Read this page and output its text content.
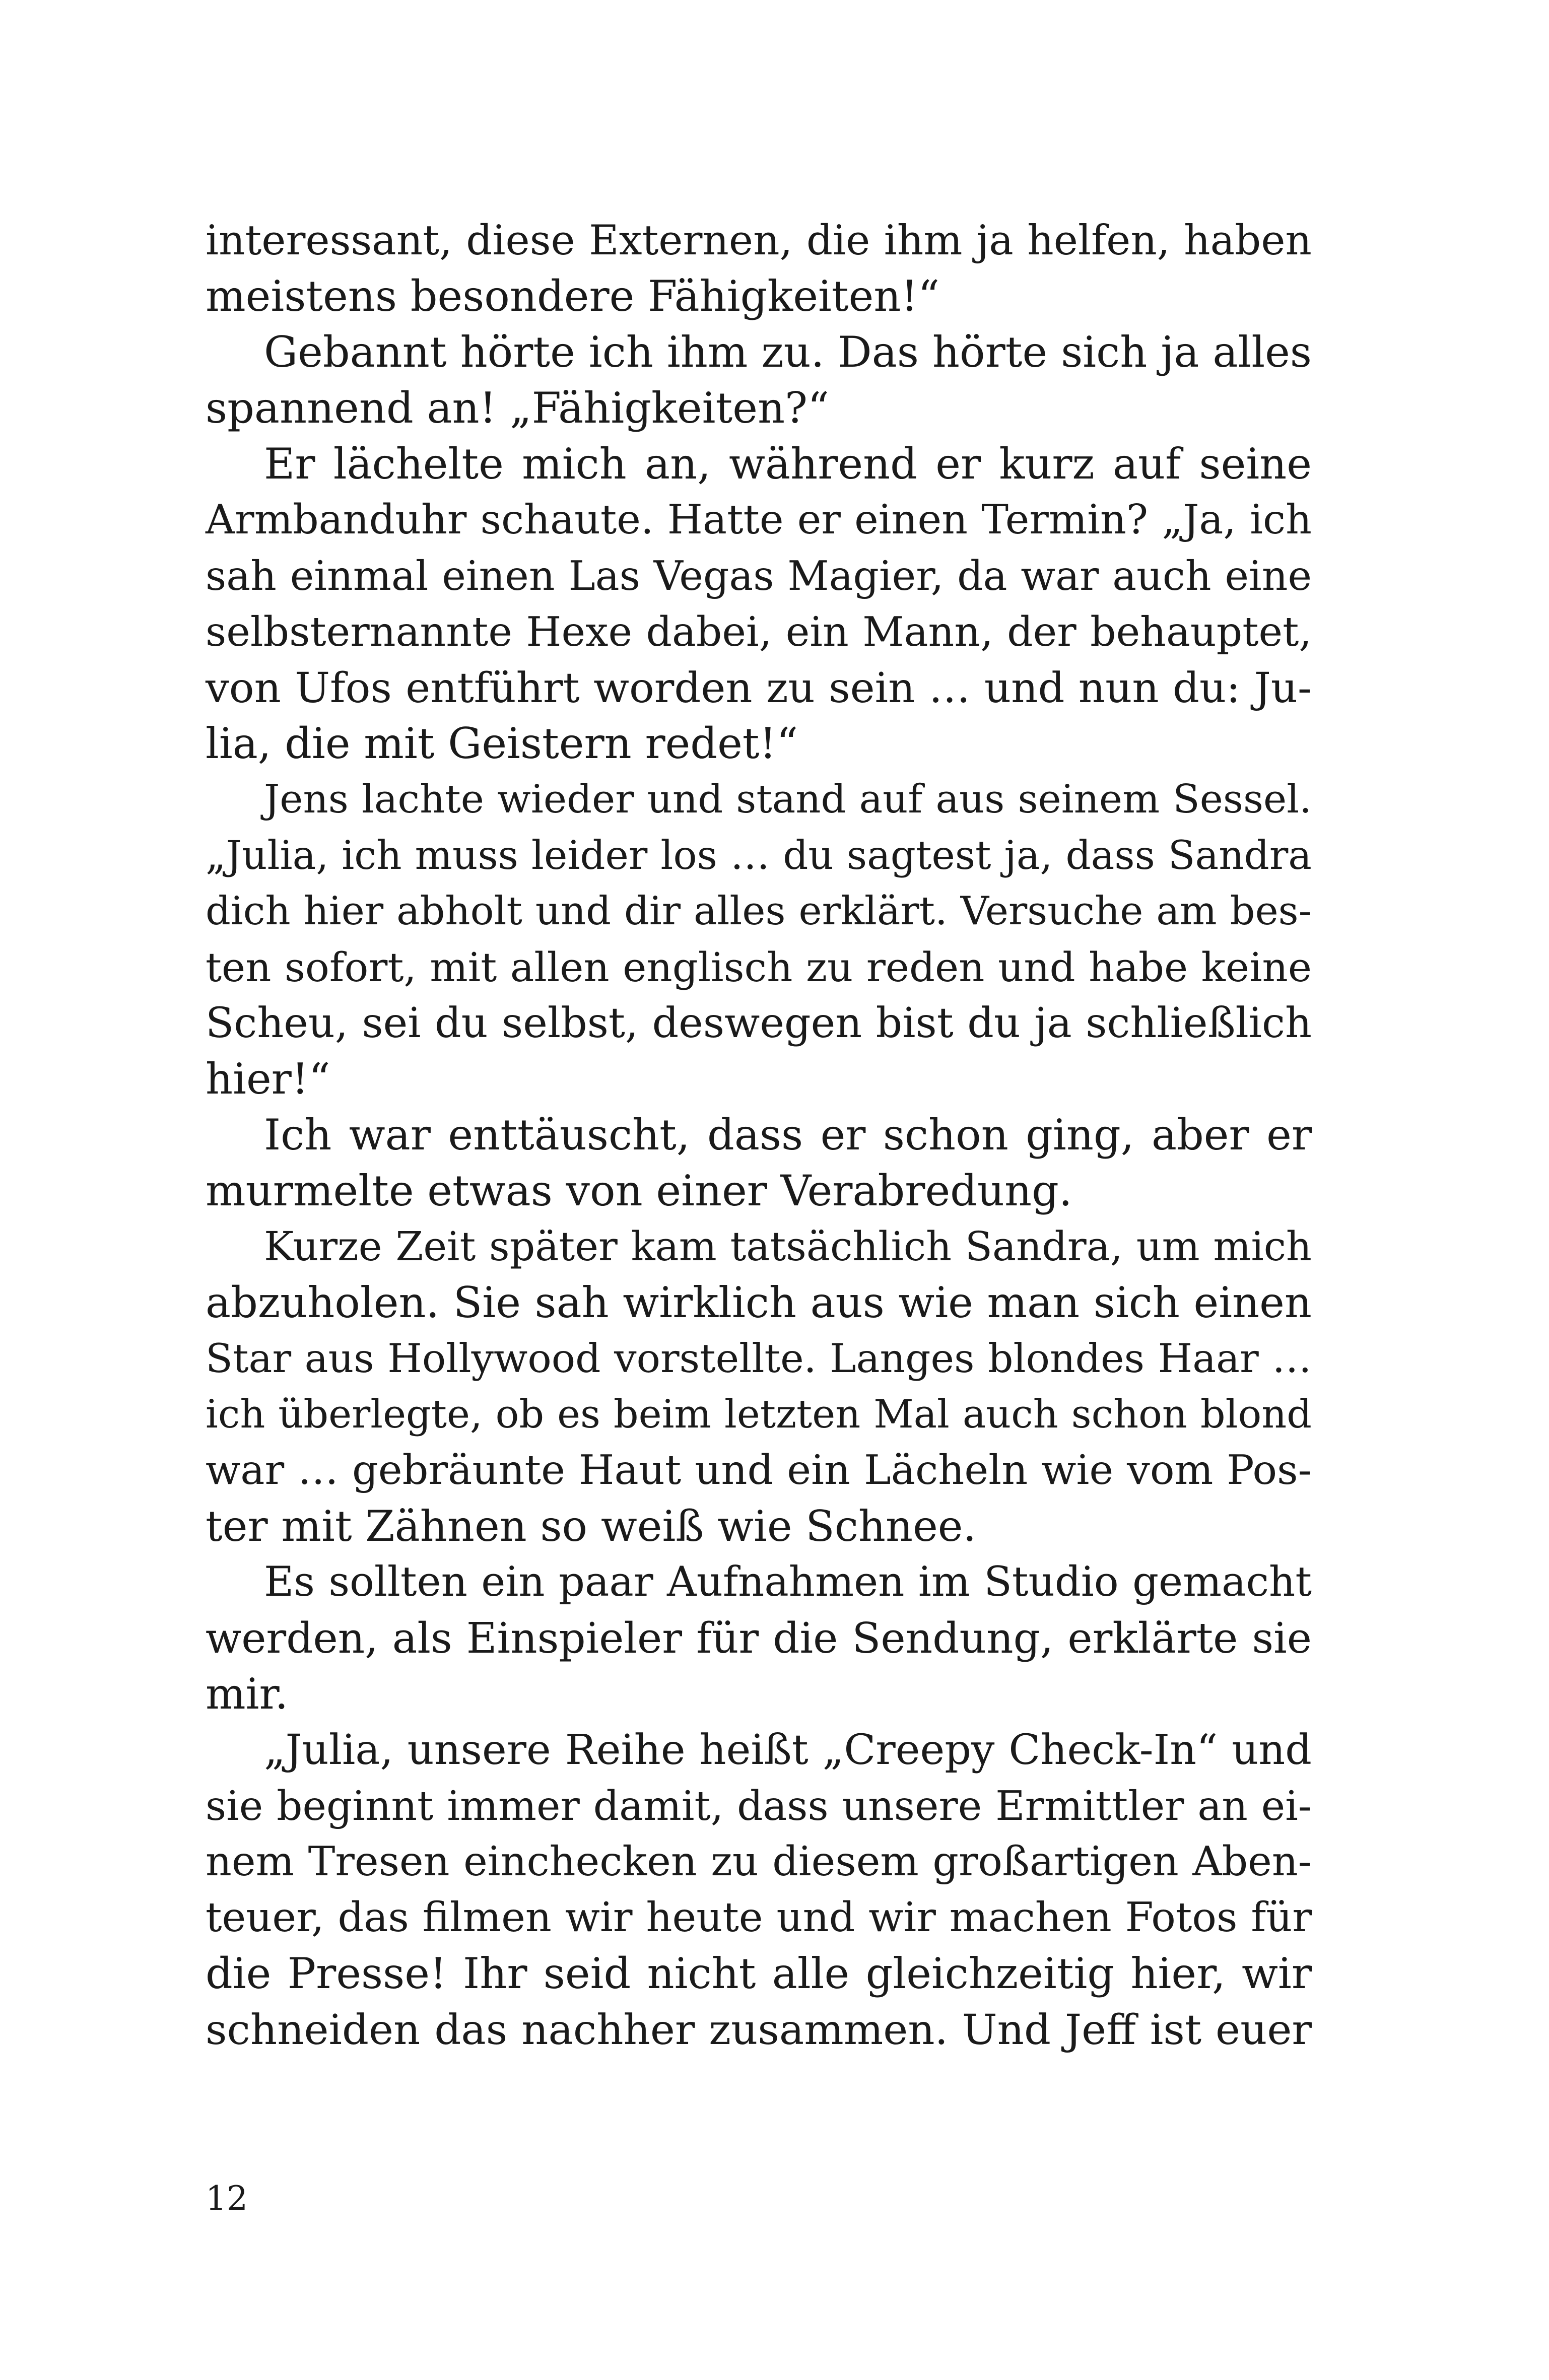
interessant, diese Externen, die ihm ja helfen, haben
meistens besondere Fähigkeiten!“
Gebannt hörte ich ihm zu. Das hörte sich ja alles
spannend an! „Fähigkeiten?“
Er lächelte mich an, während er kurz auf seine
Armbanduhr schaute. Hatte er einen Termin? „Ja, ich
sah einmal einen Las Vegas Magier, da war auch eine
selbsternannte Hexe dabei, ein Mann, der behauptet,
von Ufos entführt worden zu sein … und nun du: Ju-
lia, die mit Geistern redet!“
Jens lachte wieder und stand auf aus seinem Sessel.
„Julia, ich muss leider los … du sagtest ja, dass Sandra
dich hier abholt und dir alles erklärt. Versuche am bes-
ten sofort, mit allen englisch zu reden und habe keine
Scheu, sei du selbst, deswegen bist du ja schließlich
hier!“
Ich war enttäuscht, dass er schon ging, aber er
murmelte etwas von einer Verabredung.
Kurze Zeit später kam tatsächlich Sandra, um mich
abzuholen. Sie sah wirklich aus wie man sich einen
Star aus Hollywood vorstellte. Langes blondes Haar …
ich überlegte, ob es beim letzten Mal auch schon blond
war … gebräunte Haut und ein Lächeln wie vom Pos-
ter mit Zähnen so weiß wie Schnee.
Es sollten ein paar Aufnahmen im Studio gemacht
werden, als Einspieler für die Sendung, erklärte sie
mir.
„Julia, unsere Reihe heißt „Creepy Check-In“ und
sie beginnt immer damit, dass unsere Ermittler an ei-
nem Tresen einchecken zu diesem großartigen Aben-
teuer, das filmen wir heute und wir machen Fotos für
die Presse! Ihr seid nicht alle gleichzeitig hier, wir
schneiden das nachher zusammen. Und Jeff ist euer
12
